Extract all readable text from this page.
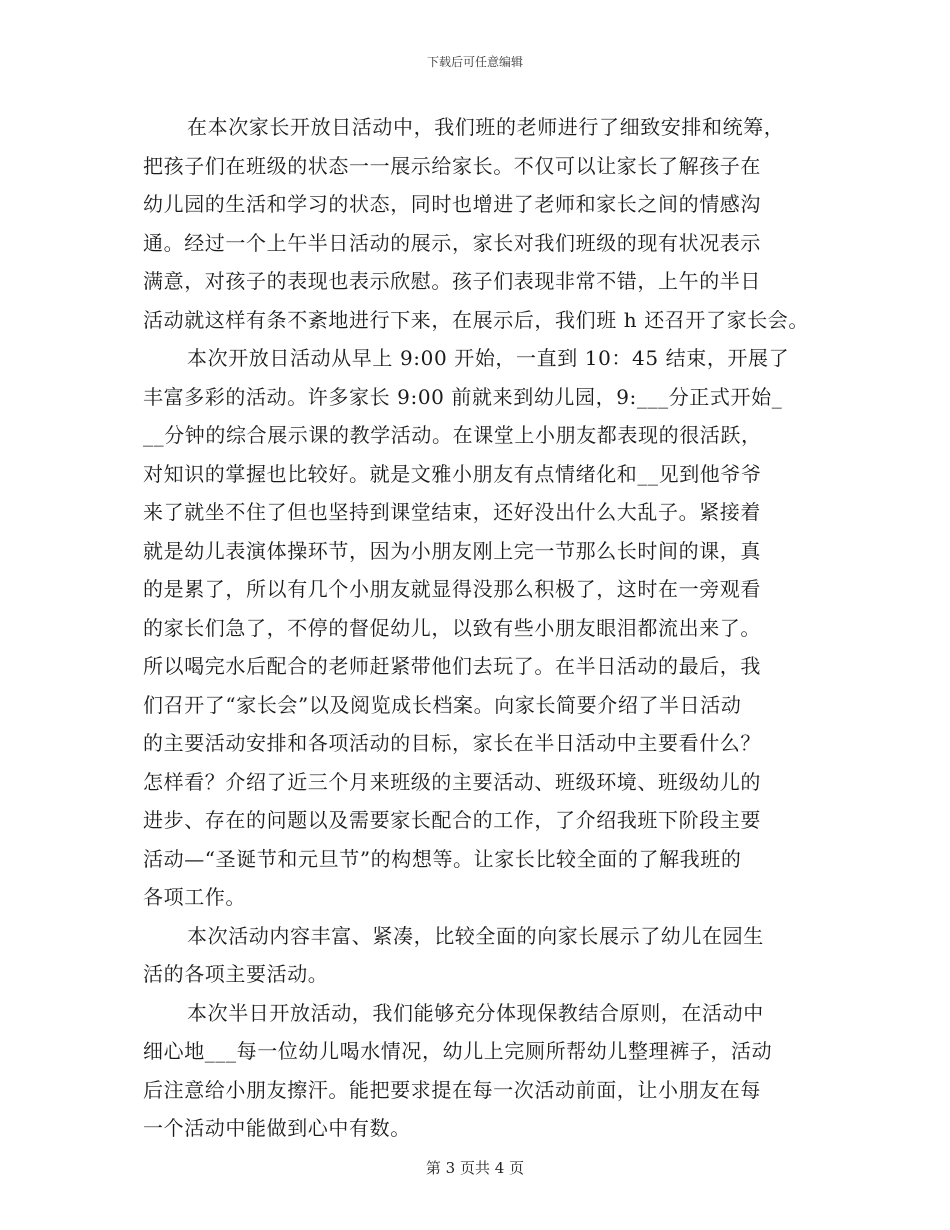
下载后可任意编辑
在本次家长开放日活动中，我们班的老师进行了细致安排和统筹，
把孩子们在班级的状态一一展示给家长。不仅可以让家长了解孩子在
幼儿园的生活和学习的状态，同时也增进了老师和家长之间的情感沟
通。经过一个上午半日活动的展示，家长对我们班级的现有状况表示
满意，对孩子的表现也表示欣慰。孩子们表现非常不错，上午的半日
活动就这样有条不紊地进行下来，在展示后，我们班 h 还召开了家长会。
本次开放日活动从早上 9:00 开始，一直到 10：45 结束，开展了
丰富多彩的活动。许多家长 9:00 前就来到幼儿园，9:___分正式开始_
__分钟的综合展示课的教学活动。在课堂上小朋友都表现的很活跃，
对知识的掌握也比较好。就是文雅小朋友有点情绪化和__见到他爷爷
来了就坐不住了但也坚持到课堂结束，还好没出什么大乱子。紧接着
就是幼儿表演体操环节，因为小朋友刚上完一节那么长时间的课，真
的是累了，所以有几个小朋友就显得没那么积极了，这时在一旁观看
的家长们急了，不停的督促幼儿，以致有些小朋友眼泪都流出来了。
所以喝完水后配合的老师赶紧带他们去玩了。在半日活动的最后，我
们召开了“家长会”以及阅览成长档案。向家长简要介绍了半日活动
的主要活动安排和各项活动的目标，家长在半日活动中主要看什么？
怎样看？介绍了近三个月来班级的主要活动、班级环境、班级幼儿的
进步、存在的问题以及需要家长配合的工作，了介绍我班下阶段主要
活动—“圣诞节和元旦节”的构想等。让家长比较全面的了解我班的
各项工作。
本次活动内容丰富、紧凑，比较全面的向家长展示了幼儿在园生
活的各项主要活动。
本次半日开放活动，我们能够充分体现保教结合原则，在活动中
细心地___每一位幼儿喝水情况，幼儿上完厕所帮幼儿整理裤子，活动
后注意给小朋友擦汗。能把要求提在每一次活动前面，让小朋友在每
一个活动中能做到心中有数。
第 3 页共 4 页
